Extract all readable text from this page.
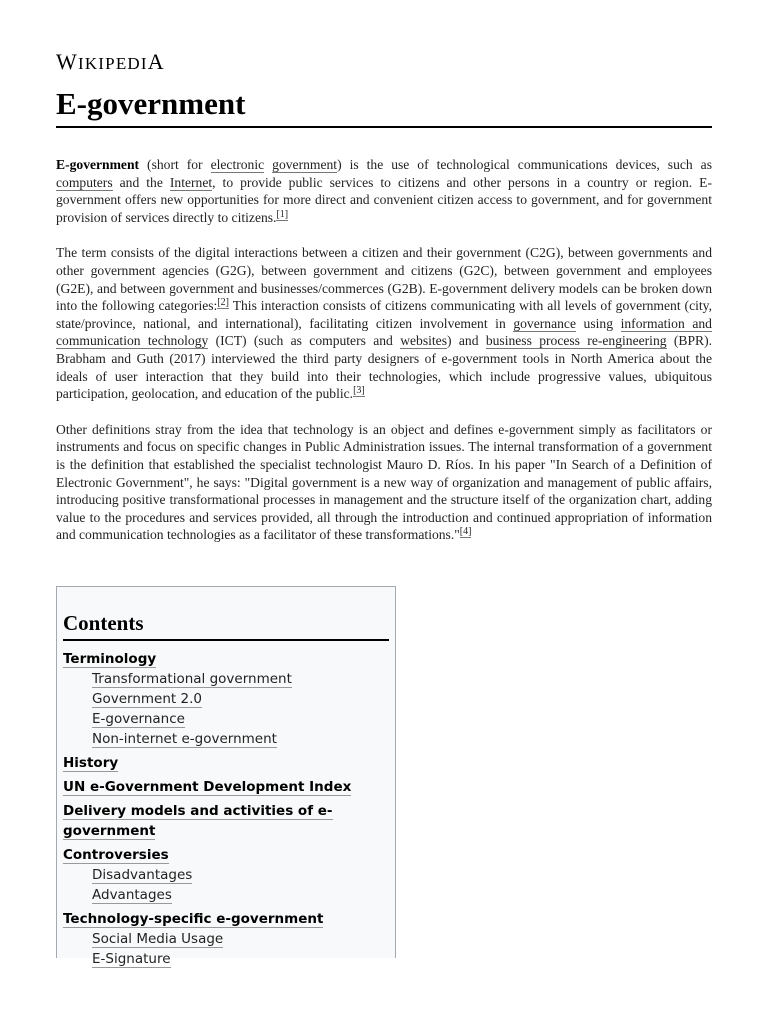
WIKIPEDIA
E-government

E-government (short for electronic government) is the use of technological communications devices, such as computers and the Internet, to provide public services to citizens and other persons in a country or region. E-government offers new opportunities for more direct and convenient citizen access to government, and for government provision of services directly to citizens.[1]

The term consists of the digital interactions between a citizen and their government (C2G), between governments and other government agencies (G2G), between government and citizens (G2C), between government and employees (G2E), and between government and businesses/commerces (G2B). E-government delivery models can be broken down into the following categories:[2] This interaction consists of citizens communicating with all levels of government (city, state/province, national, and international), facilitating citizen involvement in governance using information and communication technology (ICT) (such as computers and websites) and business process re-engineering (BPR). Brabham and Guth (2017) interviewed the third party designers of e-government tools in North America about the ideals of user interaction that they build into their technologies, which include progressive values, ubiquitous participation, geolocation, and education of the public.[3]

Other definitions stray from the idea that technology is an object and defines e-government simply as facilitators or instruments and focus on specific changes in Public Administration issues. The internal transformation of a government is the definition that established the specialist technologist Mauro D. Ríos. In his paper "In Search of a Definition of Electronic Government", he says: "Digital government is a new way of organization and management of public affairs, introducing positive transformational processes in management and the structure itself of the organization chart, adding value to the procedures and services provided, all through the introduction and continued appropriation of information and communication technologies as a facilitator of these transformations."[4]

Contents
Terminology
Transformational government
Government 2.0
E-governance
Non-internet e-government
History
UN e-Government Development Index
Delivery models and activities of e-government
Controversies
Disadvantages
Advantages
Technology-specific e-government
Social Media Usage
E-Signature
